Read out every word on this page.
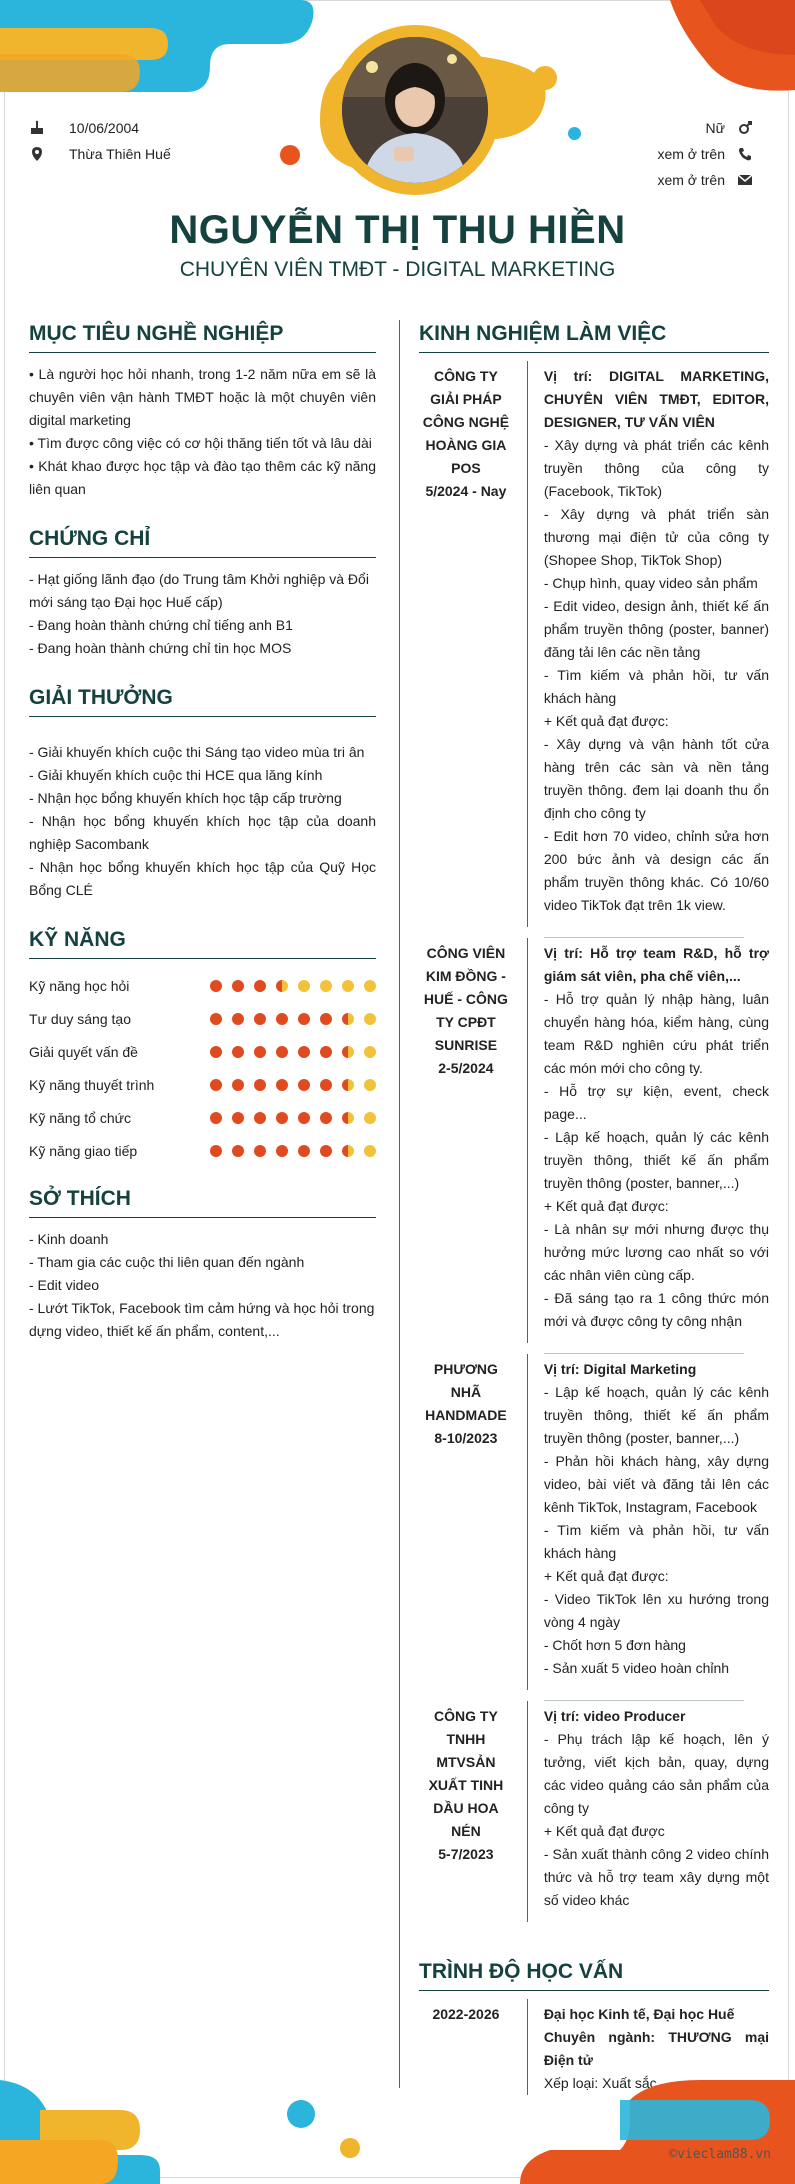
10/06/2004
Thừa Thiên Huế
Nữ
xem ở trên
xem ở trên
NGUYỄN THỊ THU HIỀN
CHUYÊN VIÊN TMĐT - DIGITAL MARKETING
MỤC TIÊU NGHỀ NGHIỆP

• Là người học hỏi nhanh, trong 1-2 năm nữa em sẽ là chuyên viên vận hành TMĐT hoặc là một chuyên viên digital marketing

• Tìm được công việc có cơ hội thăng tiến tốt và lâu dài

• Khát khao được học tập và đào tạo thêm các kỹ năng liên quan

CHỨNG CHỈ

- Hạt giống lãnh đạo (do Trung tâm Khởi nghiệp và Đổi mới sáng tạo Đại học Huế cấp)

- Đang hoàn thành chứng chỉ tiếng anh B1

- Đang hoàn thành chứng chỉ tin học MOS

GIẢI THƯỞNG

- Giải khuyến khích cuộc thi Sáng tạo video mùa tri ân

- Giải khuyến khích cuộc thi HCE qua lăng kính

- Nhận học bổng khuyến khích học tập cấp trường

- Nhận học bổng khuyến khích học tập của doanh nghiệp Sacombank

- Nhận học bổng khuyến khích học tập của Quỹ Học Bổng CLÉ

KỸ NĂNG
Kỹ năng học hỏi
Tư duy sáng tạo
Giải quyết vấn đề
Kỹ năng thuyết trình
Kỹ năng tổ chức
Kỹ năng giao tiếp
SỞ THÍCH

- Kinh doanh

- Tham gia các cuộc thi liên quan đến ngành

- Edit video

- Lướt TikTok, Facebook tìm cảm hứng và học hỏi trong dựng video, thiết kế ấn phẩm, content,...

KINH NGHIỆM LÀM VIỆC
CÔNG TY GIẢI PHÁP CÔNG NGHỆ HOÀNG GIA POS
5/2024 - Nay
Vị trí: DIGITAL MARKETING, CHUYÊN VIÊN TMĐT, EDITOR, DESIGNER, TƯ VẤN VIÊN
- Xây dựng và phát triển các kênh truyền thông của công ty (Facebook, TikTok)
- Xây dựng và phát triển sàn thương mại điện tử của công ty (Shopee Shop, TikTok Shop)
- Chụp hình, quay video sản phẩm
- Edit video, design ảnh, thiết kế ấn phẩm truyền thông (poster, banner) đăng tải lên các nền tảng
- Tìm kiếm và phản hồi, tư vấn khách hàng
+ Kết quả đạt được:
- Xây dựng và vận hành tốt cửa hàng trên các sàn và nền tảng truyền thông. đem lại doanh thu ổn định cho công ty
- Edit hơn 70 video, chỉnh sửa hơn 200 bức ảnh và design các ấn phẩm truyền thông khác. Có 10/60 video TikTok đạt trên 1k view.
CÔNG VIÊN KIM ĐỒNG - HUẾ - CÔNG TY CPĐT SUNRISE
2-5/2024
Vị trí: Hỗ trợ team R&D, hỗ trợ giám sát viên, pha chế viên,...
- Hỗ trợ quản lý nhập hàng, luân chuyển hàng hóa, kiểm hàng, cùng team R&D nghiên cứu phát triển các món mới cho công ty.
- Hỗ trợ sự kiện, event, check page...
- Lập kế hoạch, quản lý các kênh truyền thông, thiết kế ấn phẩm truyền thông (poster, banner,...)
+ Kết quả đạt được:
- Là nhân sự mới nhưng được thụ hưởng mức lương cao nhất so với các nhân viên cùng cấp.
- Đã sáng tạo ra 1 công thức món mới và được công ty công nhận
PHƯƠNG NHÃ HANDMADE
8-10/2023
Vị trí: Digital Marketing
- Lập kế hoạch, quản lý các kênh truyền thông, thiết kế ấn phẩm truyền thông (poster, banner,...)
- Phản hồi khách hàng, xây dựng video, bài viết và đăng tải lên các kênh TikTok, Instagram, Facebook
- Tìm kiếm và phản hồi, tư vấn khách hàng
+ Kết quả đạt được:
- Video TikTok lên xu hướng trong vòng 4 ngày
- Chốt hơn 5 đơn hàng
- Sản xuất 5 video hoàn chỉnh
CÔNG TY TNHH MTVSẢN XUẤT TINH DẦU HOA NÉN
5-7/2023
Vị trí: video Producer
- Phụ trách lập kế hoạch, lên ý tưởng, viết kịch bản, quay, dựng các video quảng cáo sản phẩm của công ty
+ Kết quả đạt được
- Sản xuất thành công 2 video chính thức và hỗ trợ team xây dựng một số video khác
TRÌNH ĐỘ HỌC VẤN
2022-2026	Đại học Kinh tế, Đại học Huế
Chuyên ngành: THƯƠNG mại Điện tử
Xếp loại: Xuất sắc
©vieclam88.vn
